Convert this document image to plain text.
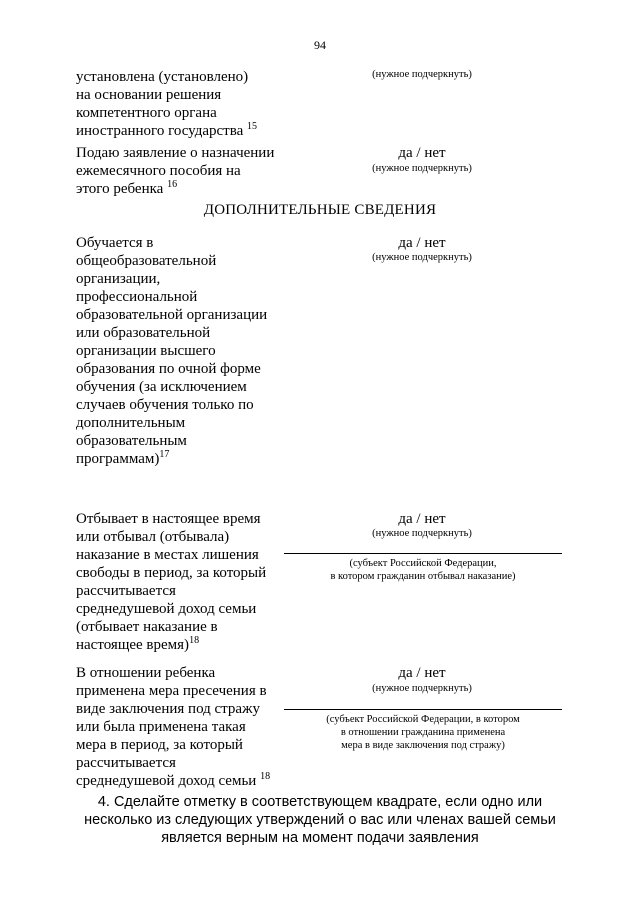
94
установлена (установлено)
на основании решения
компетентного органа
иностранного государства $^{15}$
(нужное подчеркнуть)
Подаю заявление о назначении
ежемесячного пособия на
этого ребенка $^{16}$
да / нет
(нужное подчеркнуть)
ДОПОЛНИТЕЛЬНЫЕ СВЕДЕНИЯ
Обучается в
общеобразовательной
организации,
профессиональной
образовательной организации
или образовательной
организации высшего
образования по очной форме
обучения (за исключением
случаев обучения только по
дополнительным
образовательным
программам)$^{17}$
да / нет
(нужное подчеркнуть)
Отбывает в настоящее время
или отбывал (отбывала)
наказание в местах лишения
свободы в период, за который
рассчитывается
среднедушевой доход семьи
(отбывает наказание в
настоящее время)$^{18}$
да / нет
(нужное подчеркнуть)
(субъект Российской Федерации,
в котором гражданин отбывал наказание)
В отношении ребенка
применена мера пресечения в
виде заключения под стражу
или была применена такая
мера в период, за который
рассчитывается
среднедушевой доход семьи $^{18}$
да / нет
(нужное подчеркнуть)
(субъект Российской Федерации, в котором
в отношении гражданина применена
мера в виде заключения под стражу)
4. Сделайте отметку в соответствующем квадрате, если одно или
несколько из следующих утверждений о вас или членах вашей семьи
является верным на момент подачи заявления
